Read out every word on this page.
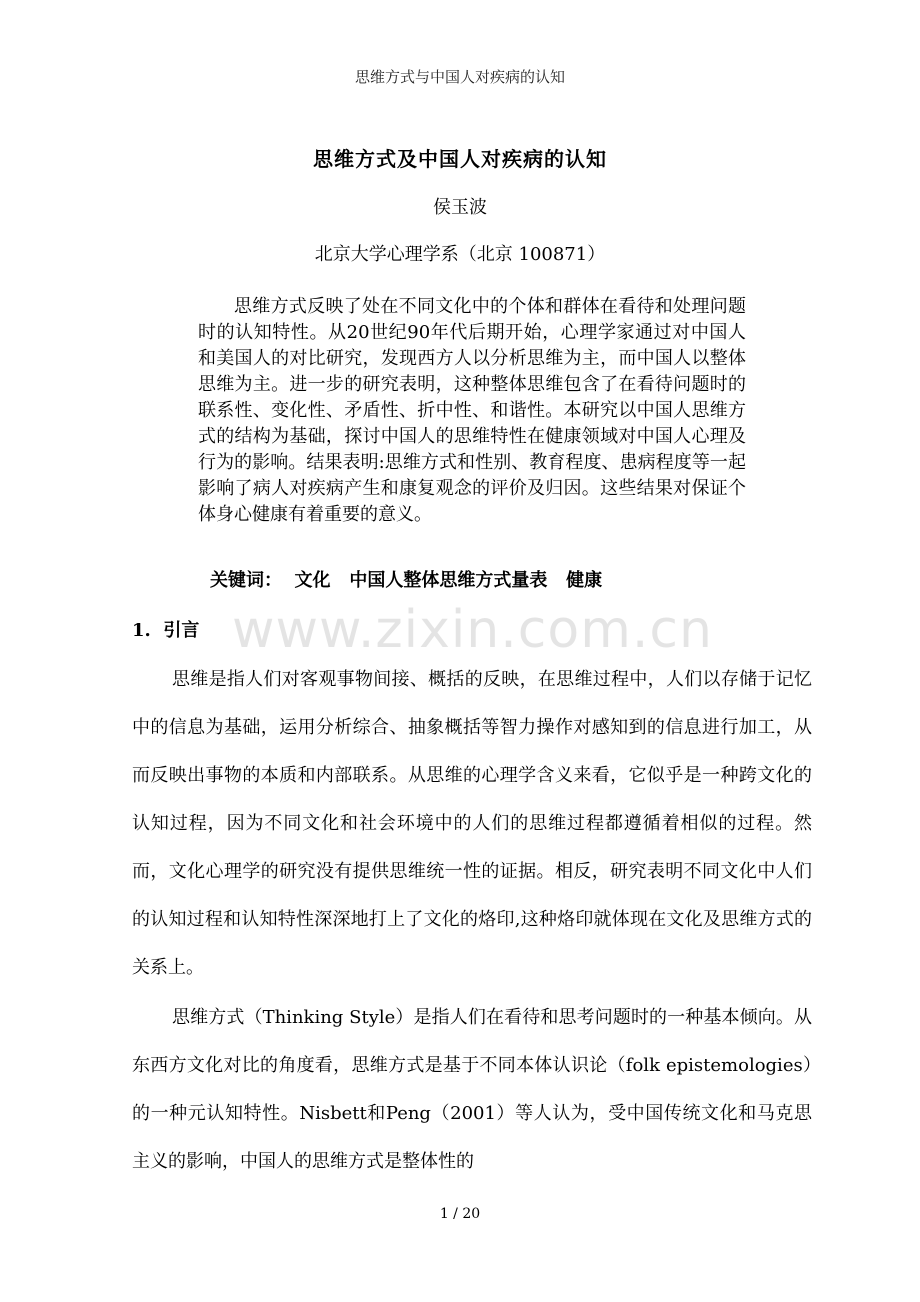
思维方式与中国人对疾病的认知
思维方式及中国人对疾病的认知
侯玉波
北京大学心理学系（北京 100871）

思维方式反映了处在不同文化中的个体和群体在看待和处理问题时的认知特性。从20世纪90年代后期开始，心理学家通过对中国人和美国人的对比研究，发现西方人以分析思维为主，而中国人以整体思维为主。进一步的研究表明，这种整体思维包含了在看待问题时的联系性、变化性、矛盾性、折中性、和谐性。本研究以中国人思维方式的结构为基础，探讨中国人的思维特性在健康领域对中国人心理及行为的影响。结果表明:思维方式和性别、教育程度、患病程度等一起影响了病人对疾病产生和康复观念的评价及归因。这些结果对保证个体身心健康有着重要的意义。

关键词：  文化   中国人整体思维方式量表   健康
1.  引言

思维是指人们对客观事物间接、概括的反映，在思维过程中，人们以存储于记忆中的信息为基础，运用分析综合、抽象概括等智力操作对感知到的信息进行加工，从而反映出事物的本质和内部联系。从思维的心理学含义来看，它似乎是一种跨文化的认知过程，因为不同文化和社会环境中的人们的思维过程都遵循着相似的过程。然而，文化心理学的研究没有提供思维统一性的证据。相反，研究表明不同文化中人们的认知过程和认知特性深深地打上了文化的烙印,这种烙印就体现在文化及思维方式的关系上。

思维方式（Thinking Style）是指人们在看待和思考问题时的一种基本倾向。从东西方文化对比的角度看，思维方式是基于不同本体认识论（folk epistemologies）的一种元认知特性。Nisbett和Peng（2001）等人认为，受中国传统文化和马克思主义的影响，中国人的思维方式是整体性的

www.zixin.com.cn
1 / 20
